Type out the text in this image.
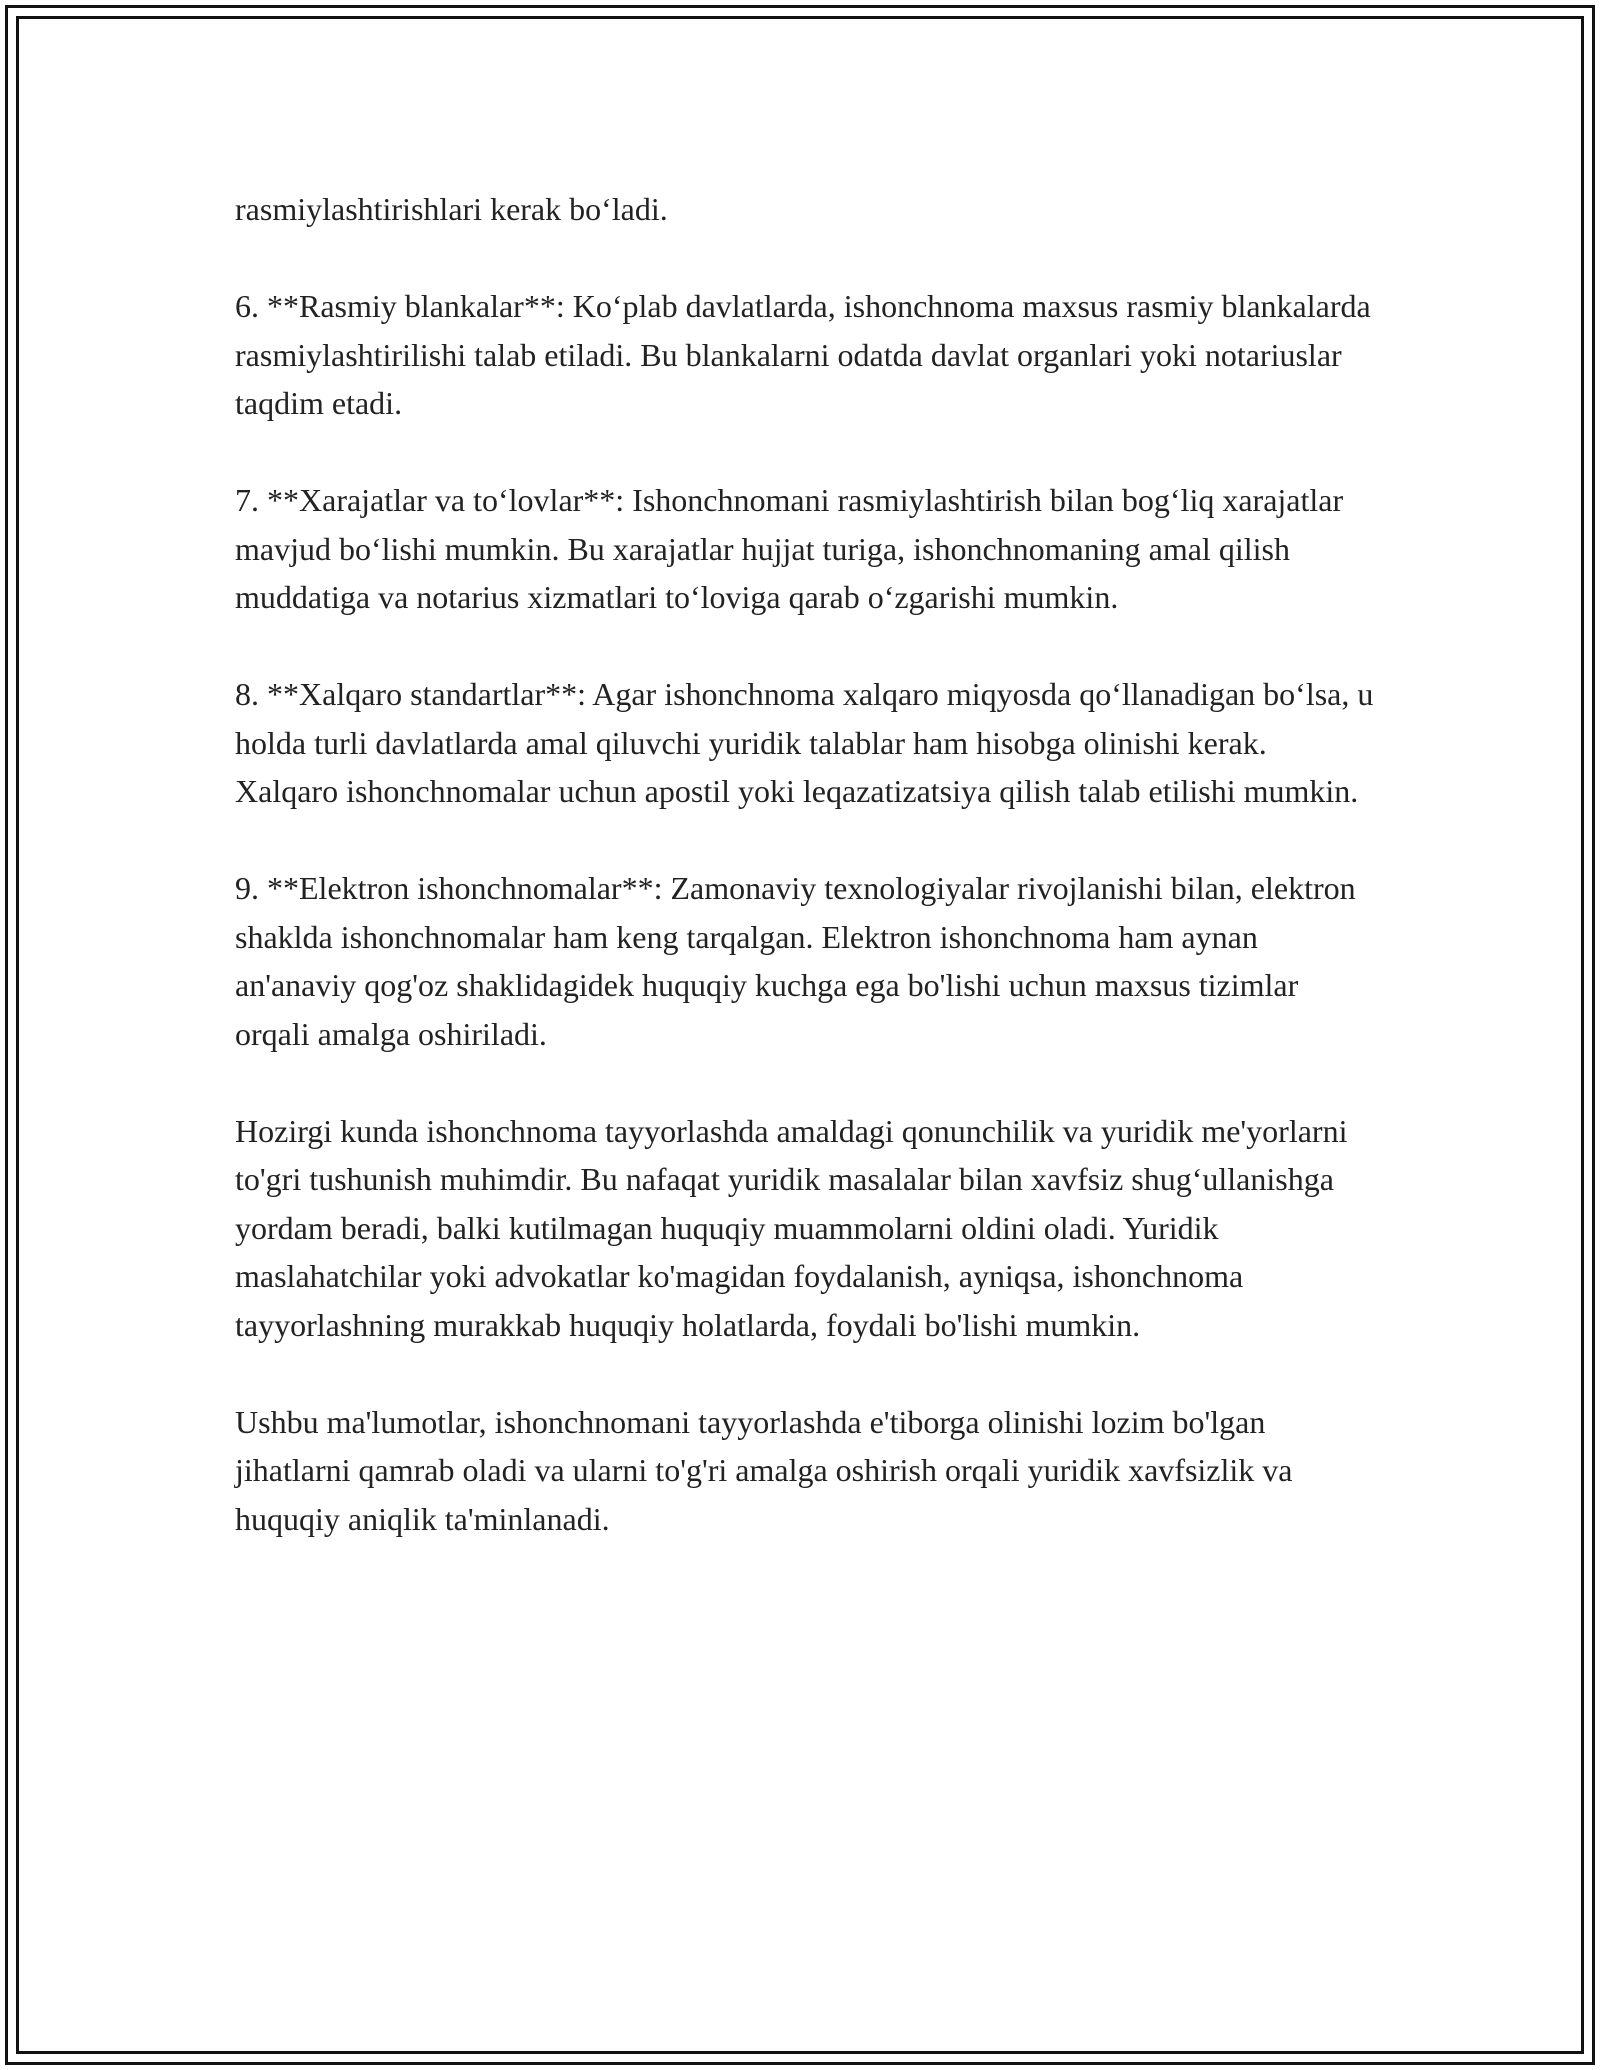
rasmiylashtirishlari kerak bo‘ladi.

6. **Rasmiy blankalar**: Ko‘plab davlatlarda, ishonchnoma maxsus rasmiy blankalarda rasmiylashtirilishi talab etiladi. Bu blankalarni odatda davlat organlari yoki notariuslar taqdim etadi.

7. **Xarajatlar va to‘lovlar**: Ishonchnomani rasmiylashtirish bilan bog‘liq xarajatlar mavjud bo‘lishi mumkin. Bu xarajatlar hujjat turiga, ishonchnomaning amal qilish muddatiga va notarius xizmatlari to‘loviga qarab o‘zgarishi mumkin.

8. **Xalqaro standartlar**: Agar ishonchnoma xalqaro miqyosda qo‘llanadigan bo‘lsa, u holda turli davlatlarda amal qiluvchi yuridik talablar ham hisobga olinishi kerak. Xalqaro ishonchnomalar uchun apostil yoki leqazatizatsiya qilish talab etilishi mumkin.

9. **Elektron ishonchnomalar**: Zamonaviy texnologiyalar rivojlanishi bilan, elektron shaklda ishonchnomalar ham keng tarqalgan. Elektron ishonchnoma ham aynan an'anaviy qog'oz shaklidagidek huquqiy kuchga ega bo'lishi uchun maxsus tizimlar orqali amalga oshiriladi.

Hozirgi kunda ishonchnoma tayyorlashda amaldagi qonunchilik va yuridik me'yorlarni to'gri tushunish muhimdir. Bu nafaqat yuridik masalalar bilan xavfsiz shug‘ullanishga yordam beradi, balki kutilmagan huquqiy muammolarni oldini oladi. Yuridik maslahatchilar yoki advokatlar ko'magidan foydalanish, ayniqsa, ishonchnoma tayyorlashning murakkab huquqiy holatlarda, foydali bo'lishi mumkin.

Ushbu ma'lumotlar, ishonchnomani tayyorlashda e'tiborga olinishi lozim bo'lgan jihatlarni qamrab oladi va ularni to'g'ri amalga oshirish orqali yuridik xavfsizlik va huquqiy aniqlik ta'minlanadi.
